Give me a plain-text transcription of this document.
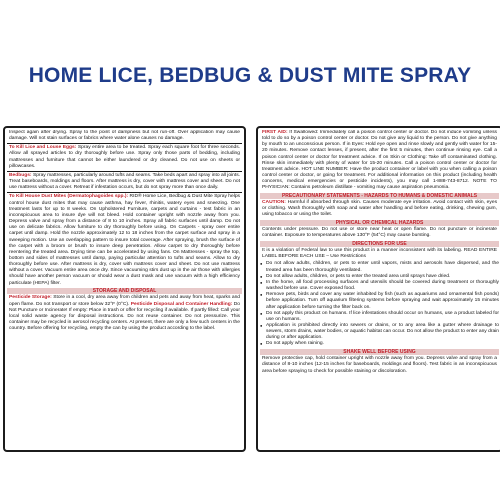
HOME LICE, BEDBUG & DUST MITE SPRAY
Inspect again after drying. Spray to the point of dampness but not run-off. Over application may cause damage. Will not stain surfaces or fabrics where water alone causes no damage.
To Kill Lice and Louse Eggs: Spray entire area to be treated. Spray each square foot for three seconds. Allow all sprayed articles to dry thoroughly before use. Spray only those parts of bedding, including mattresses and furniture that cannot be either laundered or dry cleaned. Do not use on sheets or pillowcases.
Bedbugs: Spray mattresses, particularly around tufts and seams. Take beds apart and spray into all joints. Treat baseboards, moldings and floors. After mattress is dry, cover with mattress cover and sheet. Do not use mattress without a cover. Retreat if infestation occurs, but do not spray more than once daily.
To Kill House Dust Mites (Dermatophagoides spp.): RID® Home Lice, Bedbug & Dust Mite Spray helps control house dust mites that may cause asthma, hay fever, rhinitis, watery eyes and sneezing. One treatment lasts for up to 8 weeks. On Upholstered Furniture, carpets and curtains - test fabric in an inconspicuous area to insure dye will not bleed. Hold container upright with nozzle away from you. Depress valve and spray from a distance of 8 to 10 inches. Spray all fabric surfaces until damp. Do not use on delicate fabrics. Allow furniture to dry thoroughly before using. On Carpets - spray over entire carpet until damp. Hold the nozzle approximately 12 to 18 inches from the carpet surface and spray in a sweeping motion. Use an overlapping pattern to insure total coverage. After spraying, brush the surface of the carpet with a broom or brush to insure deep penetration. Allow carpet to dry thoroughly before reentering the treated area. Drying time can be accelerated by using fans. On Mattresses - spray the top, bottom and sides of mattresses until damp, paying particular attention to tufts and seams. Allow to dry thoroughly before use. After mattress is dry, cover with mattress cover and sheet. Do not use mattress without a cover. Vacuum entire area once dry. Since vacuuming stirs dust up in the air those with allergies should have another person vacuum or should wear a dust mask and use vacuum with a high efficiency particulate (HEPA) filter.
STORAGE AND DISPOSAL
Pesticide Storage: Store in a cool, dry area away from children and pets and away from heat, sparks and open flame. Do not transport or store below 32°F (0°C). Pesticide Disposal and Container Handling: Do Not Puncture or Incinerate! If empty: Place in trash or offer for recycling if available. If partly filled: Call your local solid waste agency for disposal instructions. Do not reuse container. Do not pressurize. This container may be recycled in aerosol recycling centers. At present, there are only a few such centers in the country. Before offering for recycling, empty the can by using the product according to the label.
FIRST AID: If Swallowed: Immediately call a poison control center or doctor. Do not induce vomiting unless told to do so by a poison control center or doctor. Do not give any liquid to the person. Do not give anything by mouth to an unconscious person. If in Eyes: Hold eye open and rinse slowly and gently with water for 15-20 minutes. Remove contact lenses, if present, after the first 5 minutes, then continue rinsing eye. Call a poison control center or doctor for treatment advice. If on Skin or Clothing: Take off contaminated clothing. Rinse skin immediately with plenty of water for 15-20 minutes. Call a poison control center or doctor for treatment advice. HOT LINE NUMBER: Have the product container or label with you when calling a poison control center or doctor, or going for treatment. For additional information on this product (including health concerns, medical emergencies or pesticide incidents), you may call 1-888-743-8712. NOTE TO PHYSICIAN: Contains petroleum distillate - vomiting may cause aspiration pneumonia.
PRECAUTIONARY STATEMENTS - HAZARDS TO HUMANS & DOMESTIC ANIMALS
CAUTION: Harmful if absorbed through skin. Causes moderate eye irritation. Avoid contact with skin, eyes or clothing. Wash thoroughly with soap and water after handling and before eating, drinking, chewing gum, using tobacco or using the toilet.
PHYSICAL OR CHEMICAL HAZARDS
Contents under pressure. Do not use or store near heat or open flame. Do not puncture or incinerate container. Exposure to temperatures above 130°F (54°C) may cause bursting.
DIRECTIONS FOR USE
It is a violation of Federal law to use this product in a manner inconsistent with its labeling. READ ENTIRE LABEL BEFORE EACH USE – Use Restrictions
● Do not allow adults, children, or pets to enter until vapors, mists and aerosols have dispersed, and the treated area has been thoroughly ventilated.
● Do not allow adults, children, or pets to enter the treated area until sprays have dried.
● In the home, all food processing surfaces and utensils should be covered during treatment or thoroughly washed before use. Cover exposed food.
● Remove pets, birds and cover any water inhabited by fish (such as aquariums and ornamental fish ponds) before application. Turn off aquarium filtering systems before spraying and wait approximately 15 minutes after application before turning the filter back on.
● Do not apply this product on humans. If lice infestations should occur on humans, use a product labeled for use on humans.
● Application is prohibited directly into sewers or drains, or to any area like a gutter where drainage to sewers, storm drains, water bodies, or aquatic habitat can occur. Do not allow the product to enter any drain during or after application.
● Do not apply when raining.
SHAKE WELL BEFORE USING
Remove protective cap, hold container upright with nozzle away from you. Depress valve and spray from a distance of 8-10 inches (12-15 inches for baseboards, moldings and floors). Test fabric in an inconspicuous area before spraying to check for possible staining or discoloration.
